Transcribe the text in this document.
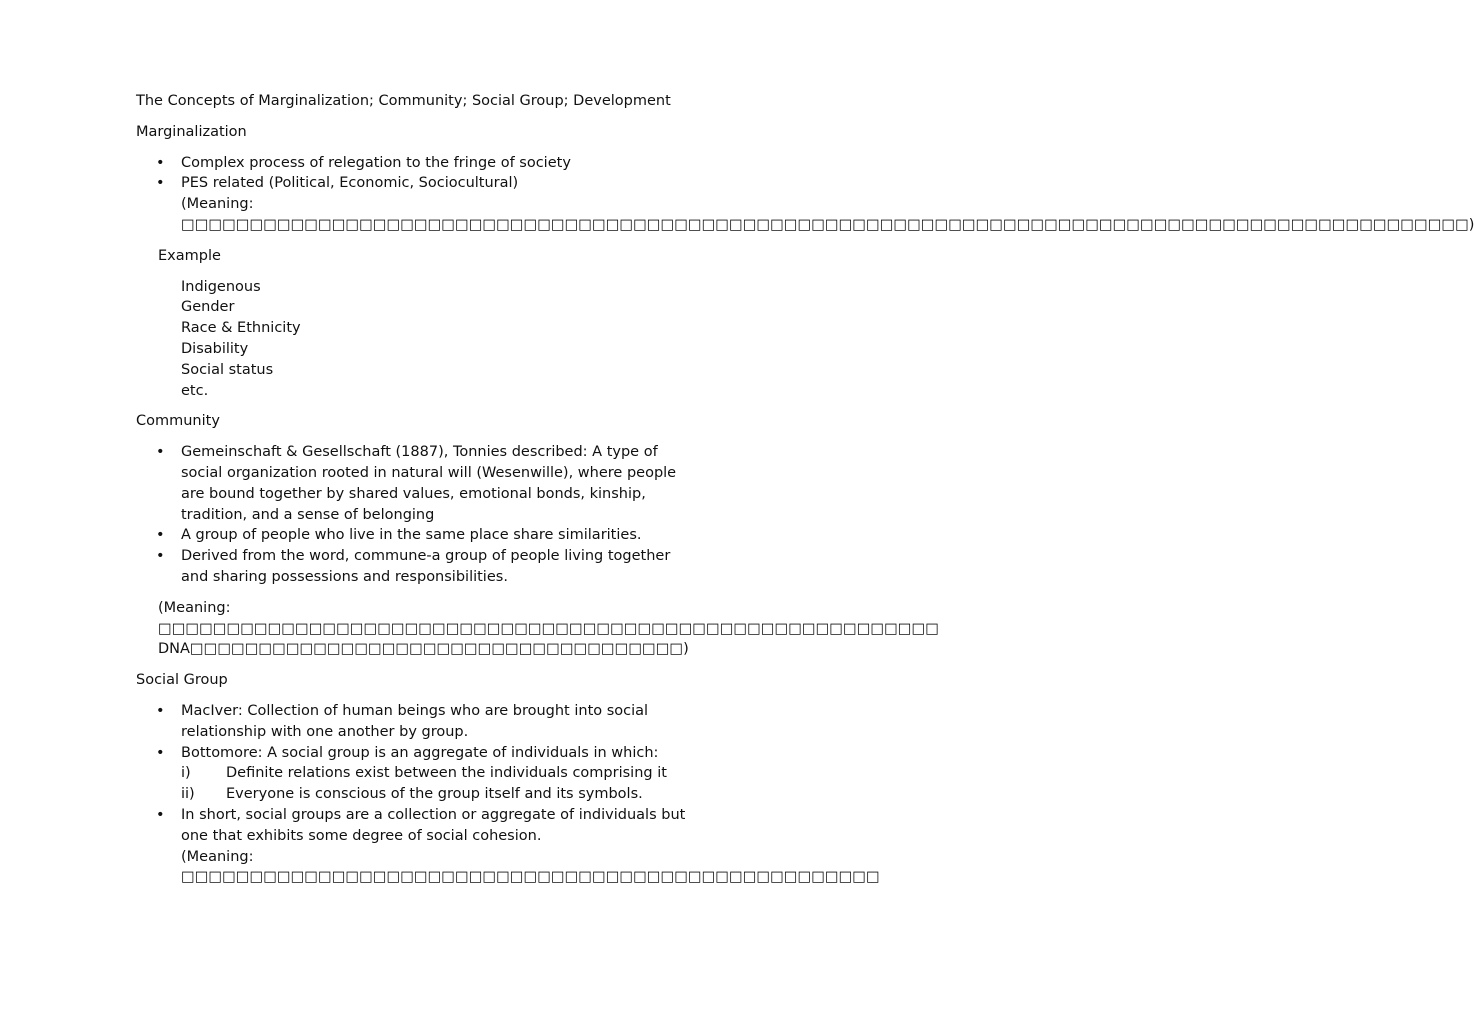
The Concepts of Marginalization; Community; Social Group; Development

Marginalization

• Complex process of relegation to the fringe of society
• PES related (Political, Economic, Sociocultural)
(Meaning: □□□□□□□□□□□□□□□□□□□□□□□□□□□□□□□□□□□□□□□□□□□□□□□□□□□□□□□□□□□□□□□□□□□□□□□□□□□□□□□□□□□□□□□□□□□□□□)

Example

Indigenous

Gender

Race & Ethnicity

Disability

Social status

etc.

Community

• Gemeinschaft & Gesellschaft (1887), Tonnies described: A type of social organization rooted in natural will (Wesenwille), where people are bound together by shared values, emotional bonds, kinship, tradition, and a sense of belonging
• A group of people who live in the same place share similarities.
• Derived from the word, commune-a group of people living together and sharing possessions and responsibilities.

(Meaning: □□□□□□□□□□□□□□□□□□□□□□□□□□□□□□□□□□□□□□□□□□□□□□□□□□□□□□□□□ DNA□□□□□□□□□□□□□□□□□□□□□□□□□□□□□□□□□□□□)

Social Group

• MacIver: Collection of human beings who are brought into social relationship with one another by group.
• Bottomore: A social group is an aggregate of individuals in which:
i) Definite relations exist between the individuals comprising it
ii) Everyone is conscious of the group itself and its symbols.
• In short, social groups are a collection or aggregate of individuals but one that exhibits some degree of social cohesion.
(Meaning: □□□□□□□□□□□□□□□□□□□□□□□□□□□□□□□□□□□□□□□□□□□□□□□□□□□
